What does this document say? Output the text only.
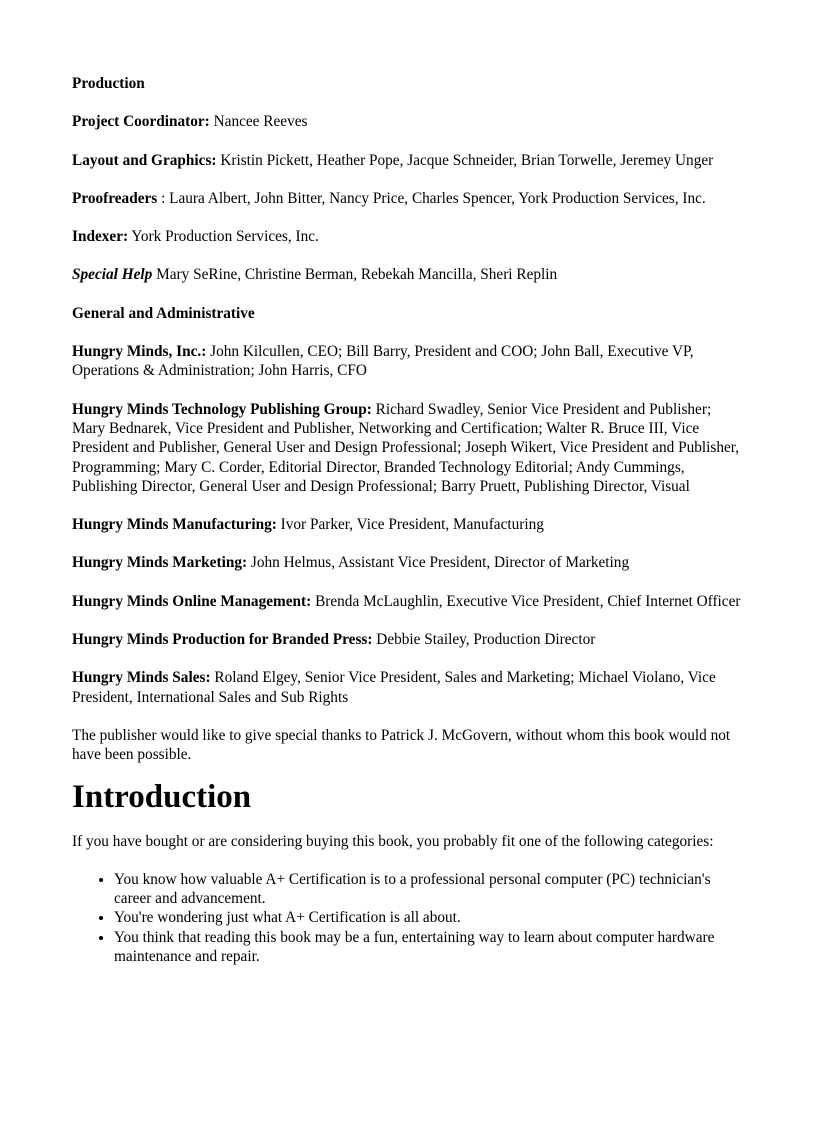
Production

Project Coordinator: Nancee Reeves

Layout and Graphics: Kristin Pickett, Heather Pope, Jacque Schneider, Brian Torwelle, Jeremey Unger

Proofreaders : Laura Albert, John Bitter, Nancy Price, Charles Spencer, York Production Services, Inc.

Indexer: York Production Services, Inc.

Special Help Mary SeRine, Christine Berman, Rebekah Mancilla, Sheri Replin

General and Administrative

Hungry Minds, Inc.: John Kilcullen, CEO; Bill Barry, President and COO; John Ball, Executive VP, Operations & Administration; John Harris, CFO

Hungry Minds Technology Publishing Group: Richard Swadley, Senior Vice President and Publisher; Mary Bednarek, Vice President and Publisher, Networking and Certification; Walter R. Bruce III, Vice President and Publisher, General User and Design Professional; Joseph Wikert, Vice President and Publisher, Programming; Mary C. Corder, Editorial Director, Branded Technology Editorial; Andy Cummings, Publishing Director, General User and Design Professional; Barry Pruett, Publishing Director, Visual

Hungry Minds Manufacturing: Ivor Parker, Vice President, Manufacturing

Hungry Minds Marketing: John Helmus, Assistant Vice President, Director of Marketing

Hungry Minds Online Management: Brenda McLaughlin, Executive Vice President, Chief Internet Officer

Hungry Minds Production for Branded Press: Debbie Stailey, Production Director

Hungry Minds Sales: Roland Elgey, Senior Vice President, Sales and Marketing; Michael Violano, Vice President, International Sales and Sub Rights

The publisher would like to give special thanks to Patrick J. McGovern, without whom this book would not have been possible.

Introduction

If you have bought or are considering buying this book, you probably fit one of the following categories:

• You know how valuable A+ Certification is to a professional personal computer (PC) technician's career and advancement.
• You're wondering just what A+ Certification is all about.
• You think that reading this book may be a fun, entertaining way to learn about computer hardware maintenance and repair.
